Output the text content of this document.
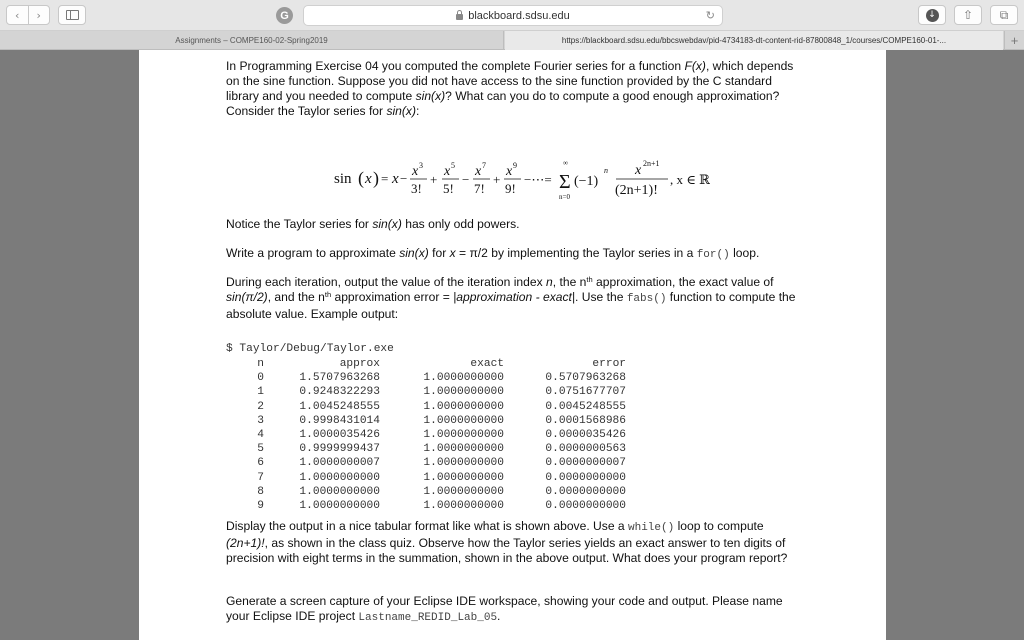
‹	›	G	blackboard.sdsu.edu	↻	↓ ⇧ ⧉
Assignments – COMPE160-02-Spring2019	https://blackboard.sdsu.edu/bbcswebdav/pid-4734183-dt-content-rid-87800848_1/courses/COMPE160-01-...	+

In Programming Exercise 04 you computed the complete Fourier series for a function F(x), which depends on the sine function. Suppose you did not have access to the sine function provided by the C standard library and you needed to compute sin(x)? What can you do to compute a good enough approximation? Consider the Taylor series for sin(x):

sin ( x ) = x − x 3
3!
+
x 5
5!
−
x 7
7!
+
x 9
9!
−⋯=
∞
Σ
n=0
(−1)
n x 2n+1
(2n+1)!
, x ∈ ℝ

Notice the Taylor series for sin(x) has only odd powers.

Write a program to approximate sin(x) for x = π/2 by implementing the Taylor series in a for() loop.

During each iteration, output the value of the iteration index n, the $n^{th}$ approximation, the exact value of sin(π/2), and the $n^{th}$ approximation error = |approximation - exact|. Use the fabs() function to compute the absolute value. Example output:

$ Taylor/Debug/Taylor.exe
n	approx	exact	error
0	1.5707963268	1.0000000000	0.5707963268
1	0.9248322293	1.0000000000	0.0751677707
2	1.0045248555	1.0000000000	0.0045248555
3	0.9998431014	1.0000000000	0.0001568986
4	1.0000035426	1.0000000000	0.0000035426
5	0.9999999437	1.0000000000	0.0000000563
6	1.0000000007	1.0000000000	0.0000000007
7	1.0000000000	1.0000000000	0.0000000000
8	1.0000000000	1.0000000000	0.0000000000
9	1.0000000000	1.0000000000	0.0000000000

Display the output in a nice tabular format like what is shown above. Use a while() loop to compute (2n+1)!, as shown in the class quiz. Observe how the Taylor series yields an exact answer to ten digits of precision with eight terms in the summation, shown in the above output. What does your program report?

Generate a screen capture of your Eclipse IDE workspace, showing your code and output. Please name your Eclipse IDE project Lastname_REDID_Lab_05.
